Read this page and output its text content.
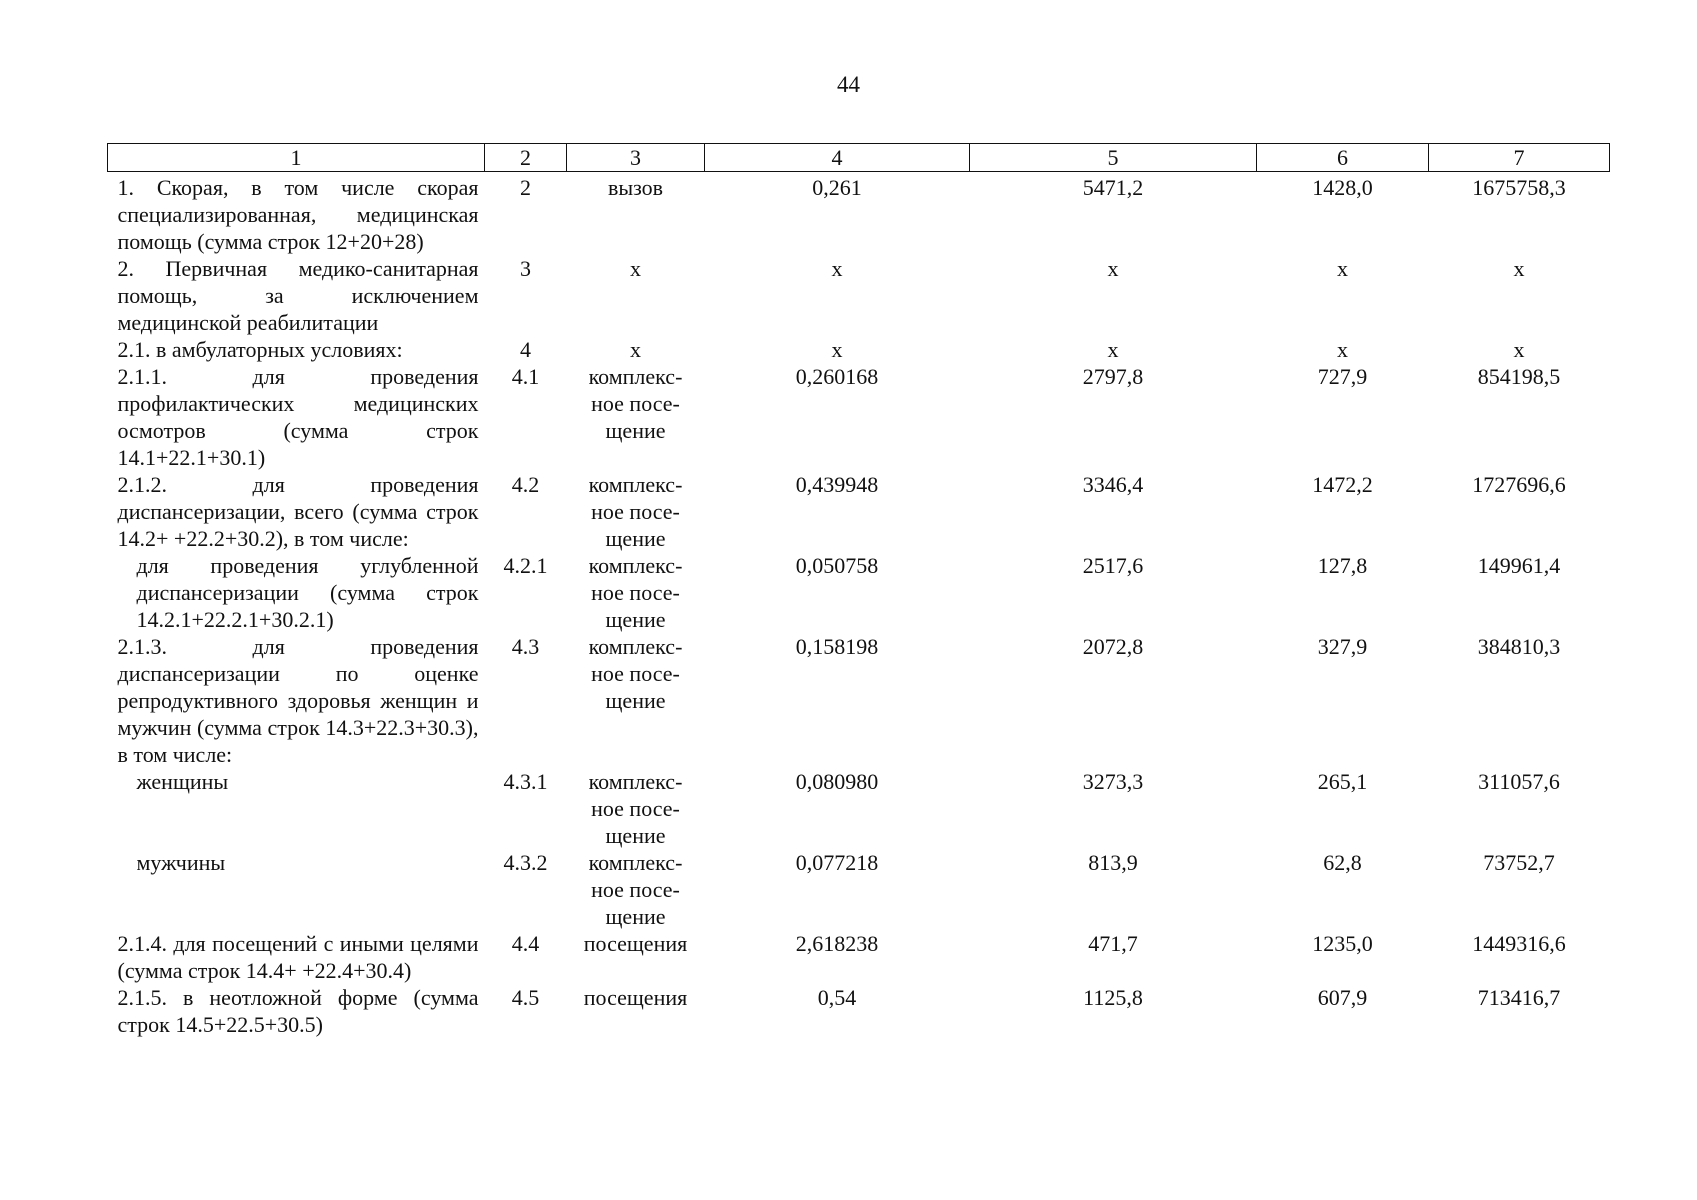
44
1	2	3	4	5	6	7
1. Скорая, в том числе скорая специализированная, медицинская помощь (сумма строк 12+20+28)	2	вызов	0,261	5471,2	1428,0	1675758,3
2. Первичная медико-санитарная помощь, за исключением медицинской реабилитации	3	х	х	х	х	х
2.1. в амбулаторных условиях:	4	х	х	х	х	х
2.1.1. для проведения профилактических медицинских осмотров (сумма строк 14.1+22.1+30.1)	4.1	комплексное посещение	0,260168	2797,8	727,9	854198,5
2.1.2. для проведения диспансеризации, всего (сумма строк 14.2+ +22.2+30.2), в том числе:	4.2	комплексное посещение	0,439948	3346,4	1472,2	1727696,6
для проведения углубленной диспансеризации (сумма строк 14.2.1+22.2.1+30.2.1)	4.2.1	комплексное посещение	0,050758	2517,6	127,8	149961,4
2.1.3. для проведения диспансеризации по оценке репродуктивного здоровья женщин и мужчин (сумма строк 14.3+22.3+30.3), в том числе:	4.3	комплексное посещение	0,158198	2072,8	327,9	384810,3
женщины	4.3.1	комплексное посещение	0,080980	3273,3	265,1	311057,6
мужчины	4.3.2	комплексное посещение	0,077218	813,9	62,8	73752,7
2.1.4. для посещений с иными целями (сумма строк 14.4+ +22.4+30.4)	4.4	посещения	2,618238	471,7	1235,0	1449316,6
2.1.5. в неотложной форме (сумма строк 14.5+22.5+30.5)	4.5	посещения	0,54	1125,8	607,9	713416,7
